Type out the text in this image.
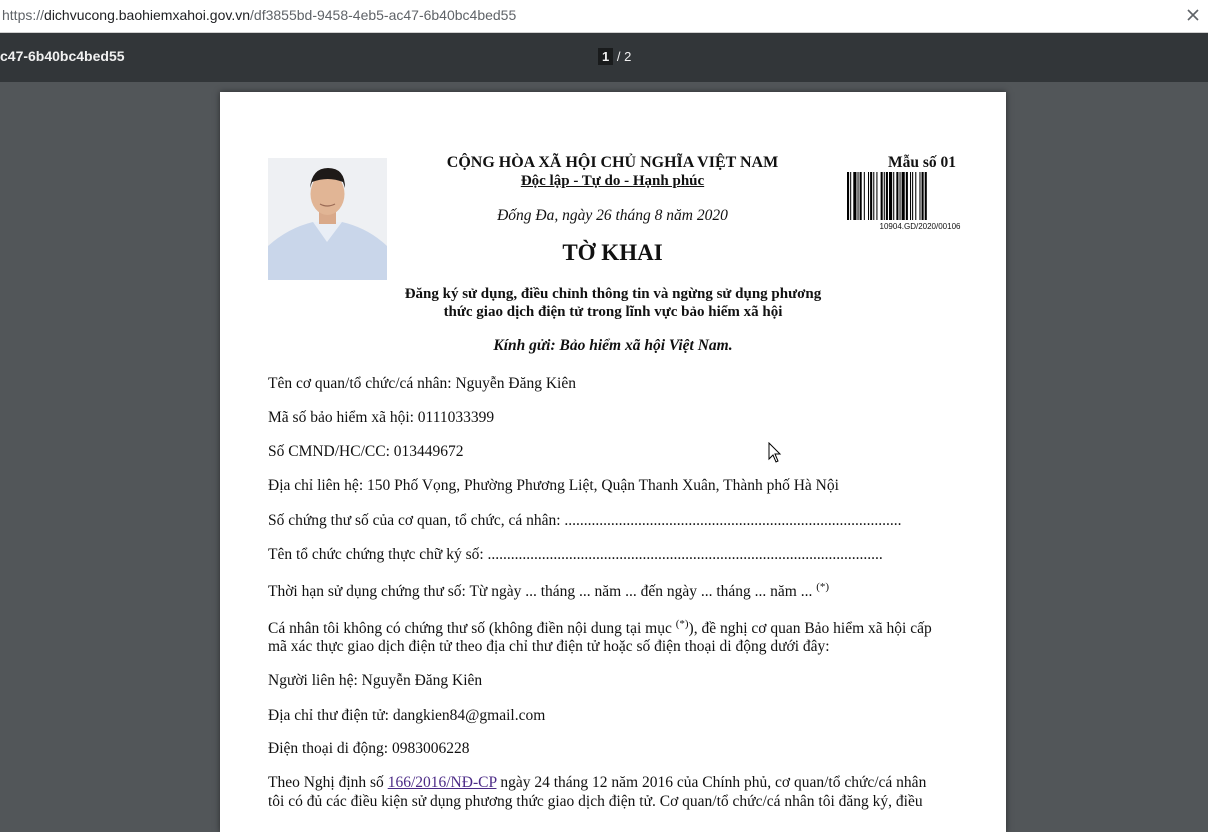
https://dichvucong.baohiemxahoi.gov.vn/df3855bd-9458-4eb5-ac47-6b40bc4bed55
c47-6b40bc4bed55	1 / 2
CỘNG HÒA XÃ HỘI CHỦ NGHĨA VIỆT NAM
Độc lập - Tự do - Hạnh phúc
Mẫu số 01
10904.GD/2020/00106
Đống Đa, ngày 26 tháng 8 năm 2020
TỜ KHAI
Đăng ký sử dụng, điều chỉnh thông tin và ngừng sử dụng phương
thức giao dịch điện tử trong lĩnh vực bảo hiểm xã hội
Kính gửi: Bảo hiểm xã hội Việt Nam.
Tên cơ quan/tổ chức/cá nhân: Nguyễn Đăng Kiên
Mã số bảo hiểm xã hội: 0111033399
Số CMND/HC/CC: 013449672
Địa chỉ liên hệ: 150 Phố Vọng, Phường Phương Liệt, Quận Thanh Xuân, Thành phố Hà Nội
Số chứng thư số của cơ quan, tổ chức, cá nhân: .......................................................................................
Tên tổ chức chứng thực chữ ký số: ......................................................................................................
Thời hạn sử dụng chứng thư số: Từ ngày ... tháng ... năm ... đến ngày ... tháng ... năm ... (*)
Cá nhân tôi không có chứng thư số (không điền nội dung tại mục (*)), đề nghị cơ quan Bảo hiểm xã hội cấp
mã xác thực giao dịch điện tử theo địa chỉ thư điện tử hoặc số điện thoại di động dưới đây:
Người liên hệ: Nguyễn Đăng Kiên
Địa chỉ thư điện tử: dangkien84@gmail.com
Điện thoại di động: 0983006228
Theo Nghị định số 166/2016/NĐ-CP ngày 24 tháng 12 năm 2016 của Chính phủ, cơ quan/tổ chức/cá nhân
tôi có đủ các điều kiện sử dụng phương thức giao dịch điện tử. Cơ quan/tổ chức/cá nhân tôi đăng ký, điều
